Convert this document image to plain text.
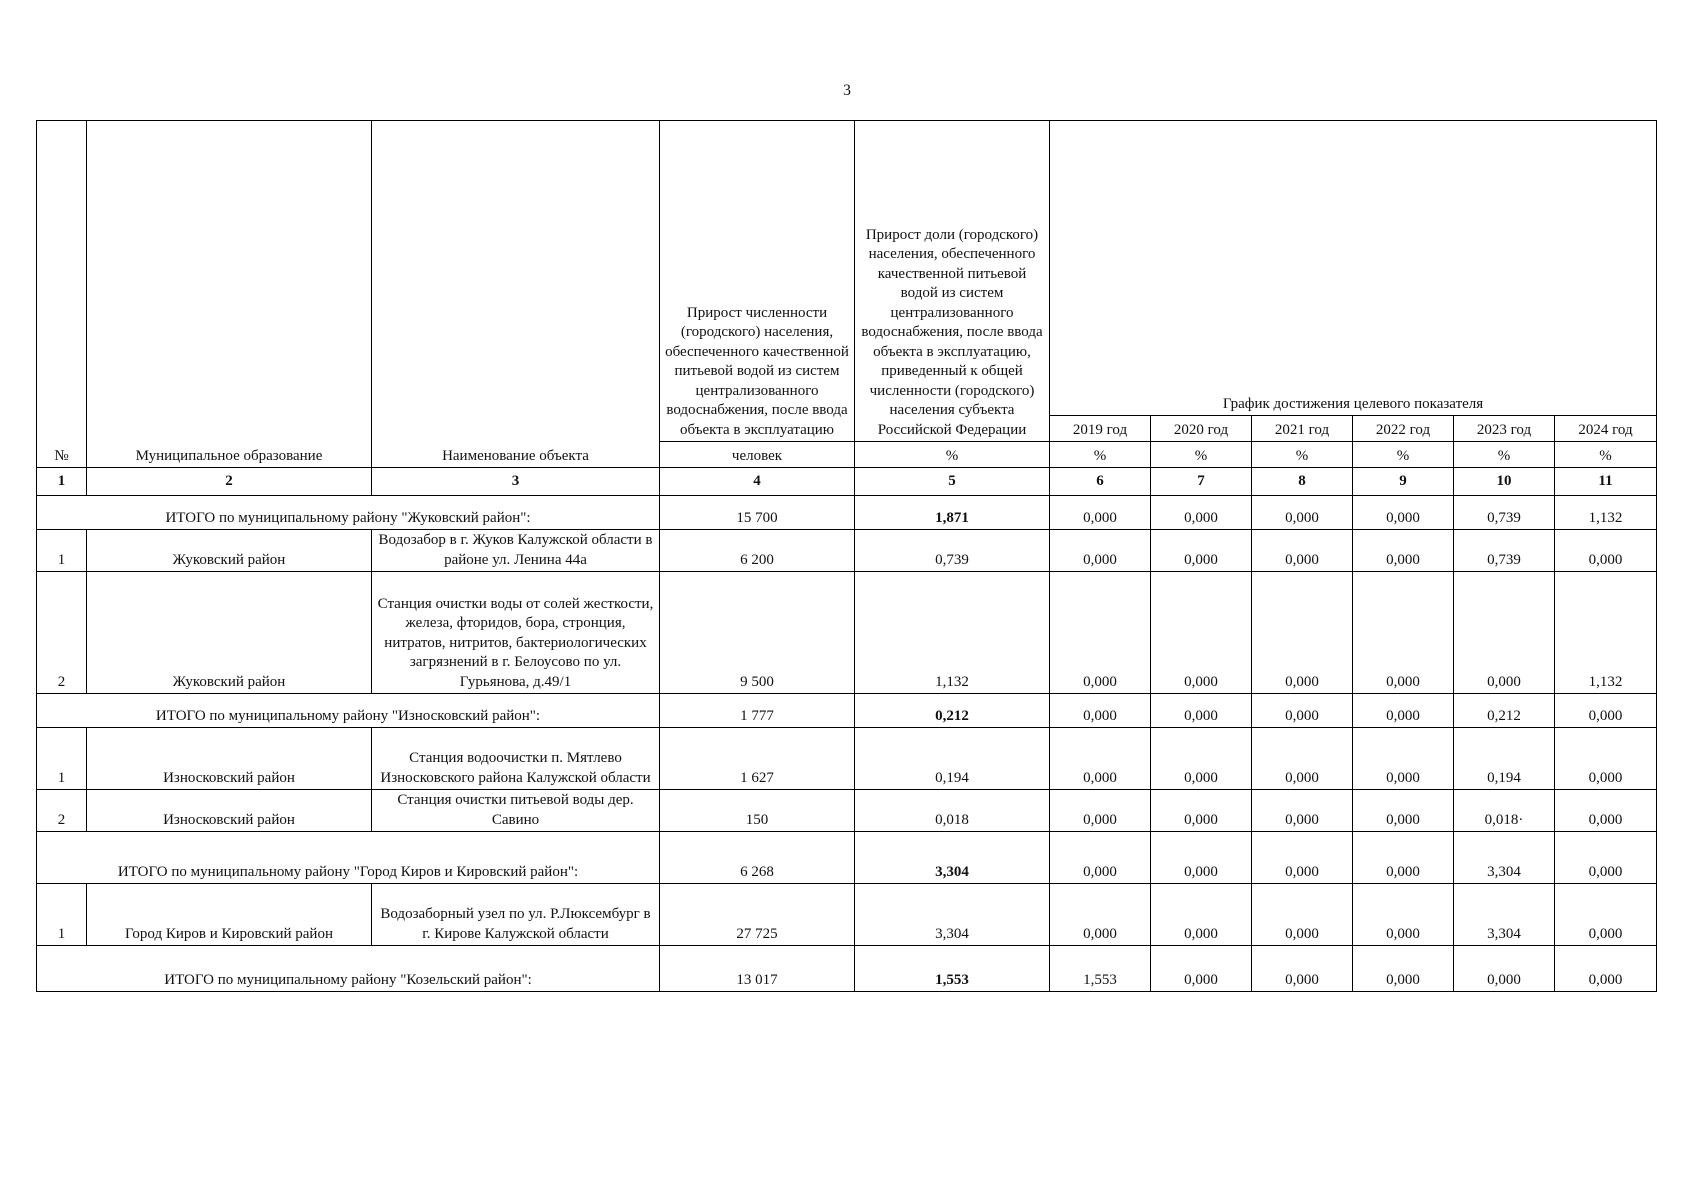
3
№	Муниципальное образование	Наименование объекта	Прирост численности (городского) населения, обеспеченного качественной питьевой водой из систем централизованного водоснабжения, после ввода объекта в эксплуатацию	Прирост доли (городского) населения, обеспеченного качественной питьевой водой из систем централизованного водоснабжения, после ввода объекта в эксплуатацию, приведенный к общей численности (городского) населения субъекта Российской Федерации	График достижения целевого показателя					
					2019 год	2020 год	2021 год	2022 год	2023 год	2024 год
			человек	%	%	%	%	%	%	%
1	2	3	4	5	6	7	8	9	10	11
ИТОГО по муниципальному району "Жуковский район":			15 700	1,871	0,000	0,000	0,000	0,000	0,739	1,132
1	Жуковский район	Водозабор в г. Жуков Калужской области в районе ул. Ленина 44а	6 200	0,739	0,000	0,000	0,000	0,000	0,739	0,000
2	Жуковский район	Станция очистки воды от солей жесткости, железа, фторидов, бора, стронция, нитратов, нитритов, бактериологических загрязнений в г. Белоусово по ул. Гурьянова, д.49/1	9 500	1,132	0,000	0,000	0,000	0,000	0,000	1,132
ИТОГО по муниципальному району "Износковский район":			1 777	0,212	0,000	0,000	0,000	0,000	0,212	0,000
1	Износковский район	Станция водоочистки п. Мятлево Износковского района Калужской области	1 627	0,194	0,000	0,000	0,000	0,000	0,194	0,000
2	Износковский район	Станция очистки питьевой воды дер. Савино	150	0,018	0,000	0,000	0,000	0,000	0,018·	0,000
ИТОГО по муниципальному району "Город Киров и Кировский район":			6 268	3,304	0,000	0,000	0,000	0,000	3,304	0,000
1	Город Киров и Кировский район	Водозаборный узел по ул. Р.Люксембург в г. Кирове Калужской области	27 725	3,304	0,000	0,000	0,000	0,000	3,304	0,000
ИТОГО по муниципальному району "Козельский район":			13 017	1,553	1,553	0,000	0,000	0,000	0,000	0,000
